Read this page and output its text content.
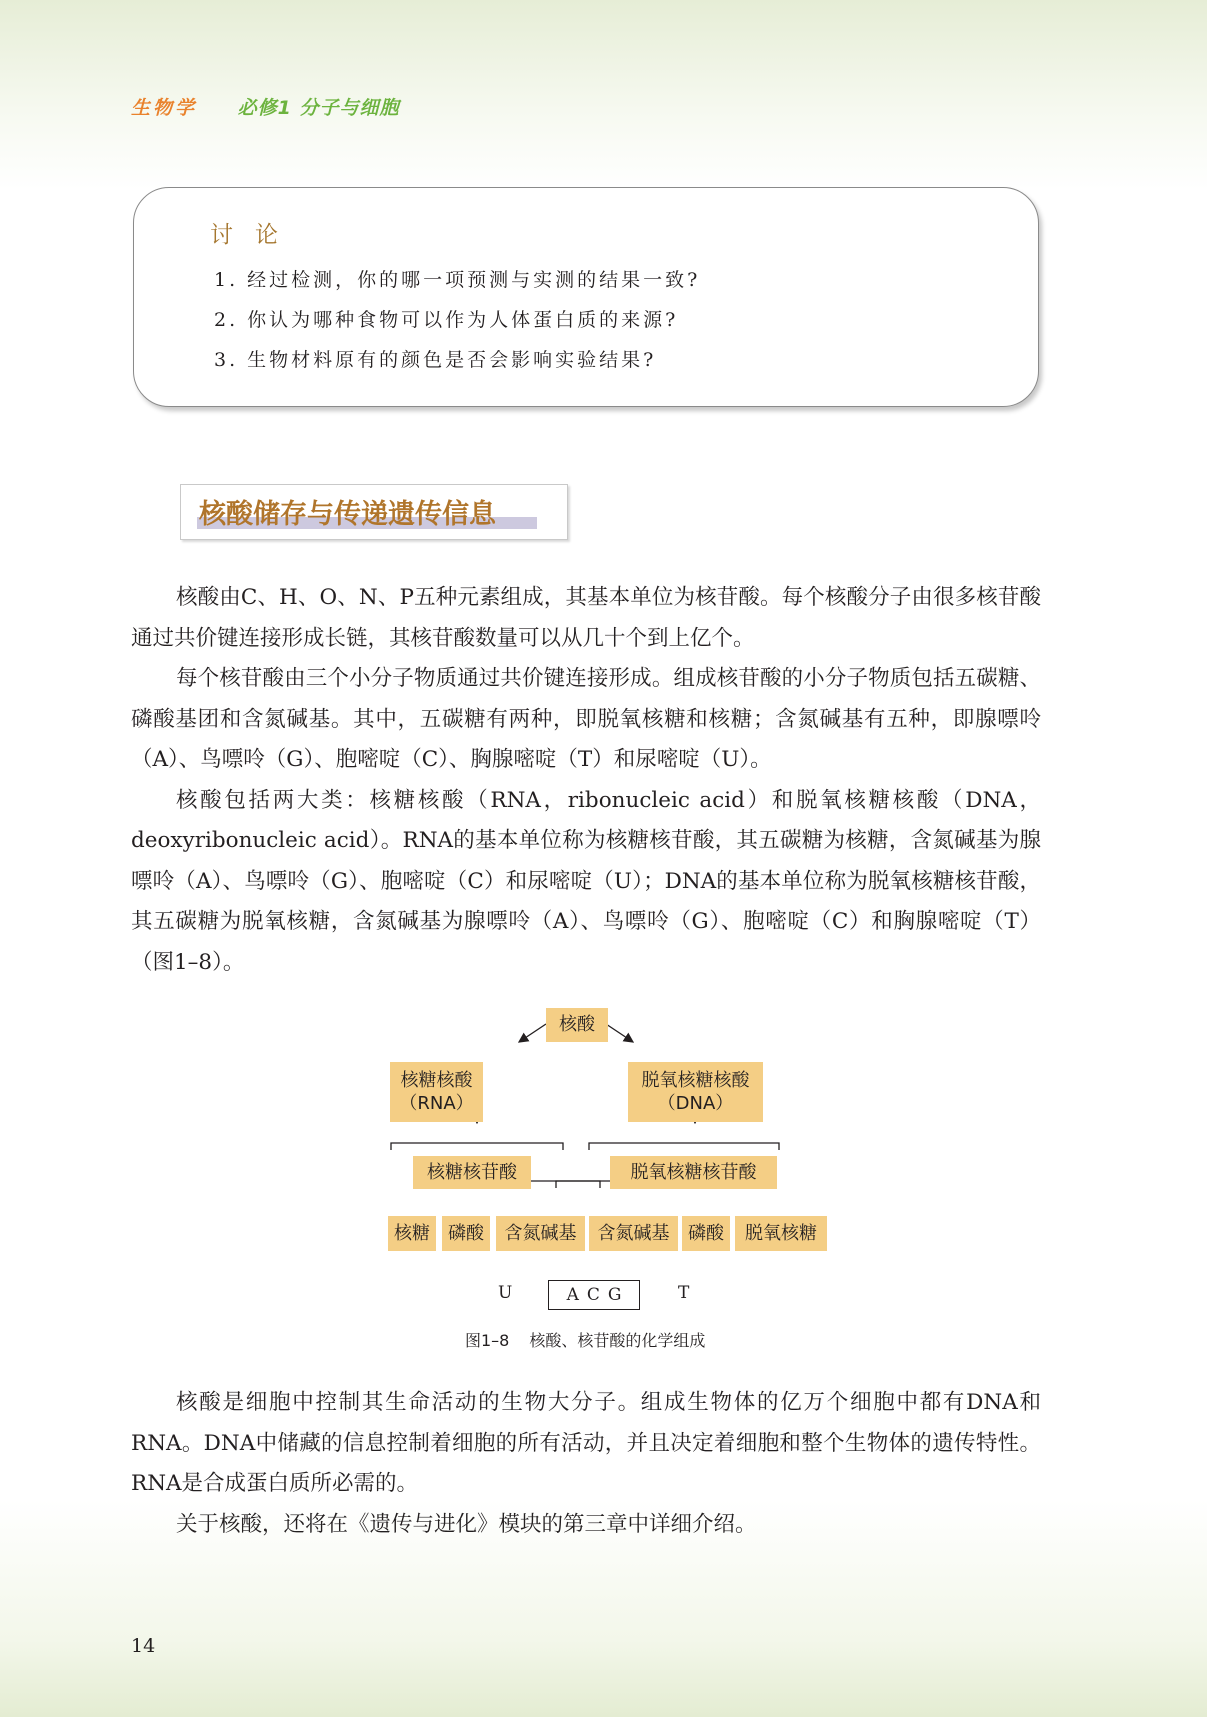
生物学 必修1 分子与细胞
讨论
1. 经过检测，你的哪一项预测与实测的结果一致?
2. 你认为哪种食物可以作为人体蛋白质的来源?
3. 生物材料原有的颜色是否会影响实验结果?
核酸储存与传递遗传信息

核酸由C、H、O、N、P五种元素组成，其基本单位为核苷酸。每个核酸分子由很多核苷酸通过共价键连接形成长链，其核苷酸数量可以从几十个到上亿个。

每个核苷酸由三个小分子物质通过共价键连接形成。组成核苷酸的小分子物质包括五碳糖、磷酸基团和含氮碱基。其中，五碳糖有两种，即脱氧核糖和核糖；含氮碱基有五种，即腺嘌呤（A）、鸟嘌呤（G）、胞嘧啶（C）、胸腺嘧啶（T）和尿嘧啶（U）。

核酸包括两大类：核糖核酸（RNA，ribonucleic acid）和脱氧核糖核酸（DNA，deoxyribonucleic acid）。RNA的基本单位称为核糖核苷酸，其五碳糖为核糖，含氮碱基为腺嘌呤（A）、鸟嘌呤（G）、胞嘧啶（C）和尿嘧啶（U）；DNA的基本单位称为脱氧核糖核苷酸，其五碳糖为脱氧核糖，含氮碱基为腺嘌呤（A）、鸟嘌呤（G）、胞嘧啶（C）和胸腺嘧啶（T）（图1–8）。

核酸
核糖核酸
（RNA）
脱氧核糖核酸
（DNA）
核糖核苷酸	脱氧核糖核苷酸
核糖	磷酸	含氮碱基	含氮碱基	磷酸	脱氧核糖
U	ACG	T
图1–8 核酸、核苷酸的化学组成

核酸是细胞中控制其生命活动的生物大分子。组成生物体的亿万个细胞中都有DNA和RNA。DNA中储藏的信息控制着细胞的所有活动，并且决定着细胞和整个生物体的遗传特性。RNA是合成蛋白质所必需的。

关于核酸，还将在《遗传与进化》模块的第三章中详细介绍。

14
